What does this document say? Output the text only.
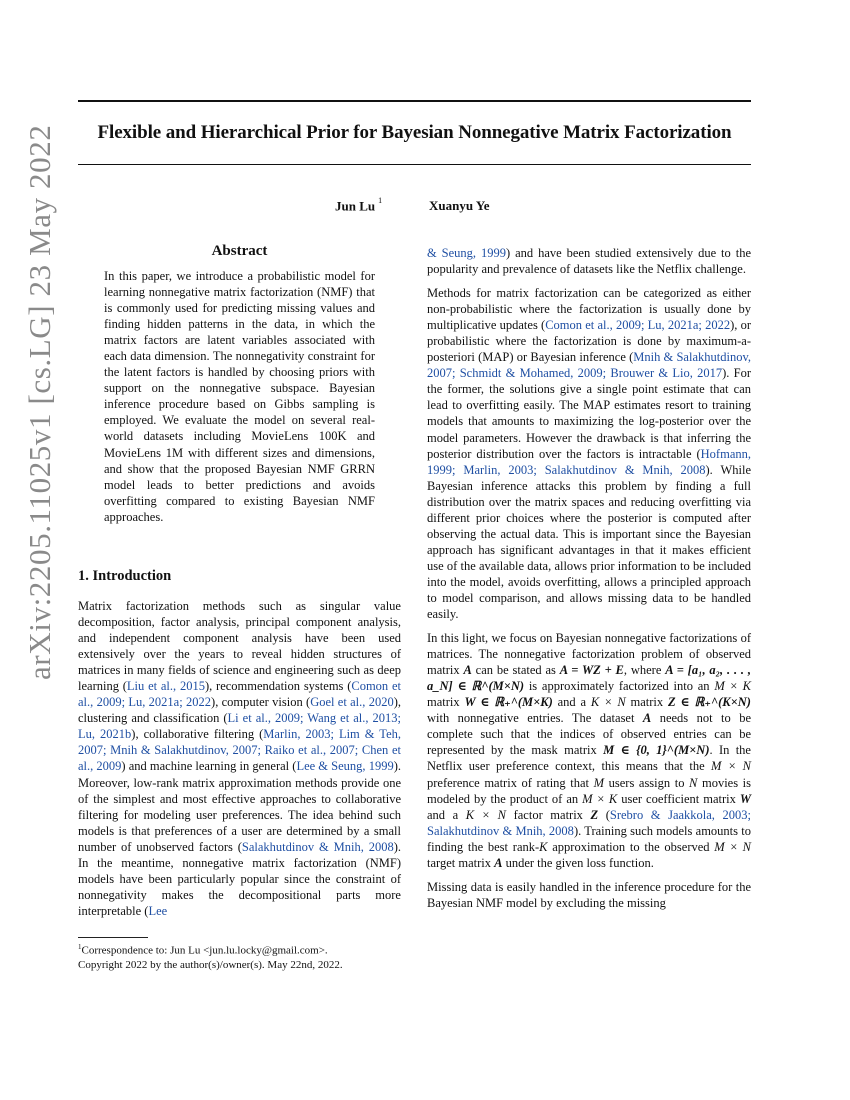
arXiv:2205.11025v1 [cs.LG] 23 May 2022	Flexible and Hierarchical Prior for Bayesian Nonnegative Matrix Factorization
Jun Lu $^1$	Xuanyu Ye
Abstract

In this paper, we introduce a probabilistic model for learning nonnegative matrix factorization (NMF) that is commonly used for predicting missing values and finding hidden patterns in the data, in which the matrix factors are latent variables associated with each data dimension. The nonnegativity constraint for the latent factors is handled by choosing priors with support on the nonnegative subspace. Bayesian inference procedure based on Gibbs sampling is employed. We evaluate the model on several real-world datasets including MovieLens 100K and MovieLens 1M with different sizes and dimensions, and show that the proposed Bayesian NMF GRRN model leads to better predictions and avoids overfitting compared to existing Bayesian NMF approaches.

1. Introduction

Matrix factorization methods such as singular value decomposition, factor analysis, principal component analysis, and independent component analysis have been used extensively over the years to reveal hidden structures of matrices in many fields of science and engineering such as deep learning (Liu et al., 2015), recommendation systems (Comon et al., 2009; Lu, 2021a; 2022), computer vision (Goel et al., 2020), clustering and classification (Li et al., 2009; Wang et al., 2013; Lu, 2021b), collaborative filtering (Marlin, 2003; Lim & Teh, 2007; Mnih & Salakhutdinov, 2007; Raiko et al., 2007; Chen et al., 2009) and machine learning in general (Lee & Seung, 1999). Moreover, low-rank matrix approximation methods provide one of the simplest and most effective approaches to collaborative filtering for modeling user preferences. The idea behind such models is that preferences of a user are determined by a small number of unobserved factors (Salakhutdinov & Mnih, 2008). In the meantime, nonnegative matrix factorization (NMF) models have been particularly popular since the constraint of nonnegativity makes the decompositional parts more interpretable (Lee

$^1$Correspondence to: Jun Lu <jun.lu.locky@gmail.com>.
Copyright 2022 by the author(s)/owner(s). May 22nd, 2022.

& Seung, 1999) and have been studied extensively due to the popularity and prevalence of datasets like the Netflix challenge.

Methods for matrix factorization can be categorized as either non-probabilistic where the factorization is usually done by multiplicative updates (Comon et al., 2009; Lu, 2021a; 2022), or probabilistic where the factorization is done by maximum-a-posteriori (MAP) or Bayesian inference (Mnih & Salakhutdinov, 2007; Schmidt & Mohamed, 2009; Brouwer & Lio, 2017). For the former, the solutions give a single point estimate that can lead to overfitting easily. The MAP estimates resort to training models that amounts to maximizing the log-posterior over the model parameters. However the drawback is that inferring the posterior distribution over the factors is intractable (Hofmann, 1999; Marlin, 2003; Salakhutdinov & Mnih, 2008). While Bayesian inference attacks this problem by finding a full distribution over the matrix spaces and reducing overfitting via different prior choices where the posterior is computed after observing the actual data. This is important since the Bayesian approach has significant advantages in that it makes efficient use of the available data, allows prior information to be included into the model, avoids overfitting, allows a principled approach to model comparison, and allows missing data to be handled easily.

In this light, we focus on Bayesian nonnegative factorizations of matrices. The nonnegative factorization problem of observed matrix A can be stated as A = WZ + E, where A = [a₁, a₂, . . . , a_N] ∈ ℝ^(M×N) is approximately factorized into an M × K matrix W ∈ ℝ₊^(M×K) and a K × N matrix Z ∈ ℝ₊^(K×N) with nonnegative entries. The dataset A needs not to be complete such that the indices of observed entries can be represented by the mask matrix M ∈ {0, 1}^(M×N). In the Netflix user preference context, this means that the M × N preference matrix of rating that M users assign to N movies is modeled by the product of an M × K user coefficient matrix W and a K × N factor matrix Z (Srebro & Jaakkola, 2003; Salakhutdinov & Mnih, 2008). Training such models amounts to finding the best rank-K approximation to the observed M × N target matrix A under the given loss function.

Missing data is easily handled in the inference procedure for the Bayesian NMF model by excluding the missing
